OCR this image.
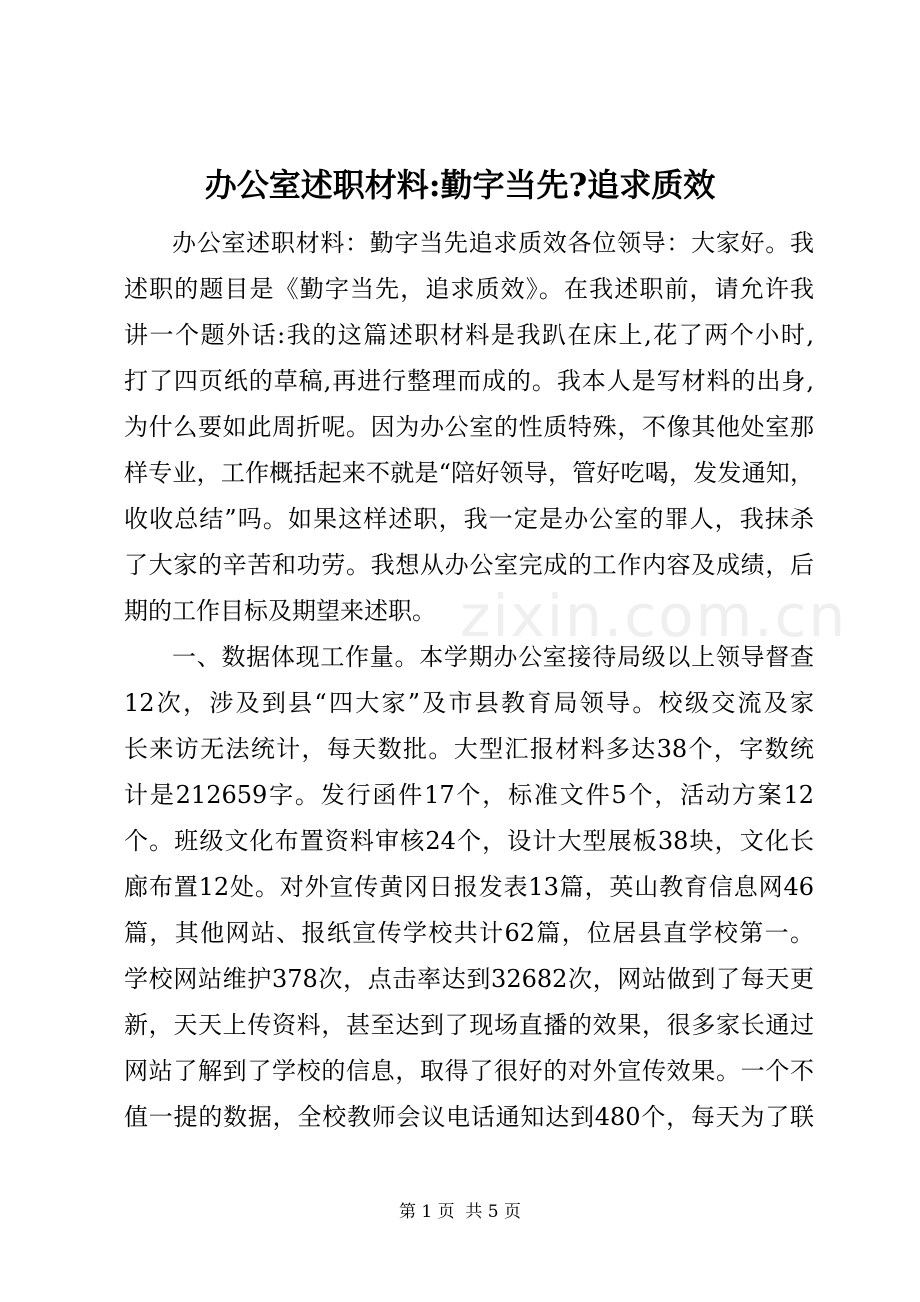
办公室述职材料:勤字当先?追求质效
办公室述职材料：勤字当先追求质效各位领导：大家好。我
述职的题目是《勤字当先，追求质效》。在我述职前，请允许我
讲一个题外话:我的这篇述职材料是我趴在床上,花了两个小时,
打了四页纸的草稿,再进行整理而成的。我本人是写材料的出身,
为什么要如此周折呢。因为办公室的性质特殊，不像其他处室那
样专业，工作概括起来不就是“陪好领导，管好吃喝，发发通知，
收收总结”吗。如果这样述职，我一定是办公室的罪人，我抹杀
了大家的辛苦和功劳。我想从办公室完成的工作内容及成绩，后
期的工作目标及期望来述职。
一、数据体现工作量。本学期办公室接待局级以上领导督查
12次，涉及到县“四大家”及市县教育局领导。校级交流及家
长来访无法统计，每天数批。大型汇报材料多达38个，字数统
计是212659字。发行函件17个，标准文件5个，活动方案12
个。班级文化布置资料审核24个，设计大型展板38块，文化长
廊布置12处。对外宣传黄冈日报发表13篇，英山教育信息网46
篇，其他网站、报纸宣传学校共计62篇，位居县直学校第一。
学校网站维护378次，点击率达到32682次，网站做到了每天更
新，天天上传资料，甚至达到了现场直播的效果，很多家长通过
网站了解到了学校的信息，取得了很好的对外宣传效果。一个不
值一提的数据，全校教师会议电话通知达到480个，每天为了联
zixin.com.cn
第 1 页  共 5 页
